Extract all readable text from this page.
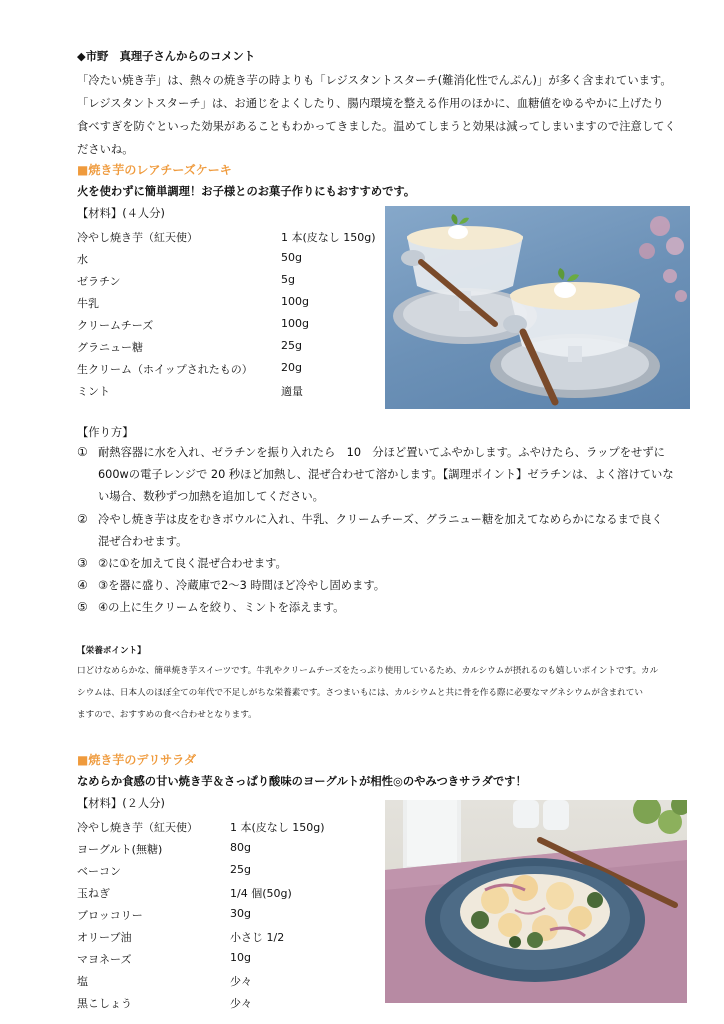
◆市野　真理子さんからのコメント
「冷たい焼き芋」は、熱々の焼き芋の時よりも「レジスタントスターチ(難消化性でんぷん)」が多く含まれています。
「レジスタントスターチ」は、お通じをよくしたり、腸内環境を整える作用のほかに、血糖値をゆるやかに上げたり
食べすぎを防ぐといった効果があることもわかってきました。温めてしまうと効果は減ってしまいますので注意してく
ださいね。
■焼き芋のレアチーズケーキ
火を使わずに簡単調理！お子様とのお菓子作りにもおすすめです。
【材料】(４人分)
冷やし焼き芋（紅天使）	1 本(皮なし 150g)
水	50g
ゼラチン	5g
牛乳	100g
クリームチーズ	100g
グラニュー糖	25g
生クリーム（ホイップされたもの）	20g
ミント	適量
【作り方】
① 耐熱容器に水を入れ、ゼラチンを振り入れたら　10　分ほど置いてふやかします。ふやけたら、ラップをせずに
600wの電子レンジで 20 秒ほど加熱し、混ぜ合わせて溶かします。【調理ポイント】ゼラチンは、よく溶けていな
い場合、数秒ずつ加熱を追加してください。
② 冷やし焼き芋は皮をむきボウルに入れ、牛乳、クリームチーズ、グラニュー糖を加えてなめらかになるまで良く
混ぜ合わせます。
③ ②に①を加えて良く混ぜ合わせます。
④ ③を器に盛り、冷蔵庫で2～3 時間ほど冷やし固めます。
⑤ ④の上に生クリームを絞り、ミントを添えます。
【栄養ポイント】
口どけなめらかな、簡単焼き芋スイーツです。牛乳やクリームチーズをたっぷり使用しているため、カルシウムが摂れるのも嬉しいポイントです。カル
シウムは、日本人のほぼ全ての年代で不足しがちな栄養素です。さつまいもには、カルシウムと共に骨を作る際に必要なマグネシウムが含まれてい
ますので、おすすめの食べ合わせとなります。
■焼き芋のデリサラダ
なめらか食感の甘い焼き芋＆さっぱり酸味のヨーグルトが相性◎のやみつきサラダです！
【材料】(２人分)
冷やし焼き芋（紅天使）	1 本(皮なし 150g)
ヨーグルト(無糖)	80g
ベーコン	25g
玉ねぎ	1/4 個(50g)
ブロッコリー	30g
オリーブ油	小さじ 1/2
マヨネーズ	10g
塩	少々
黒こしょう	少々
